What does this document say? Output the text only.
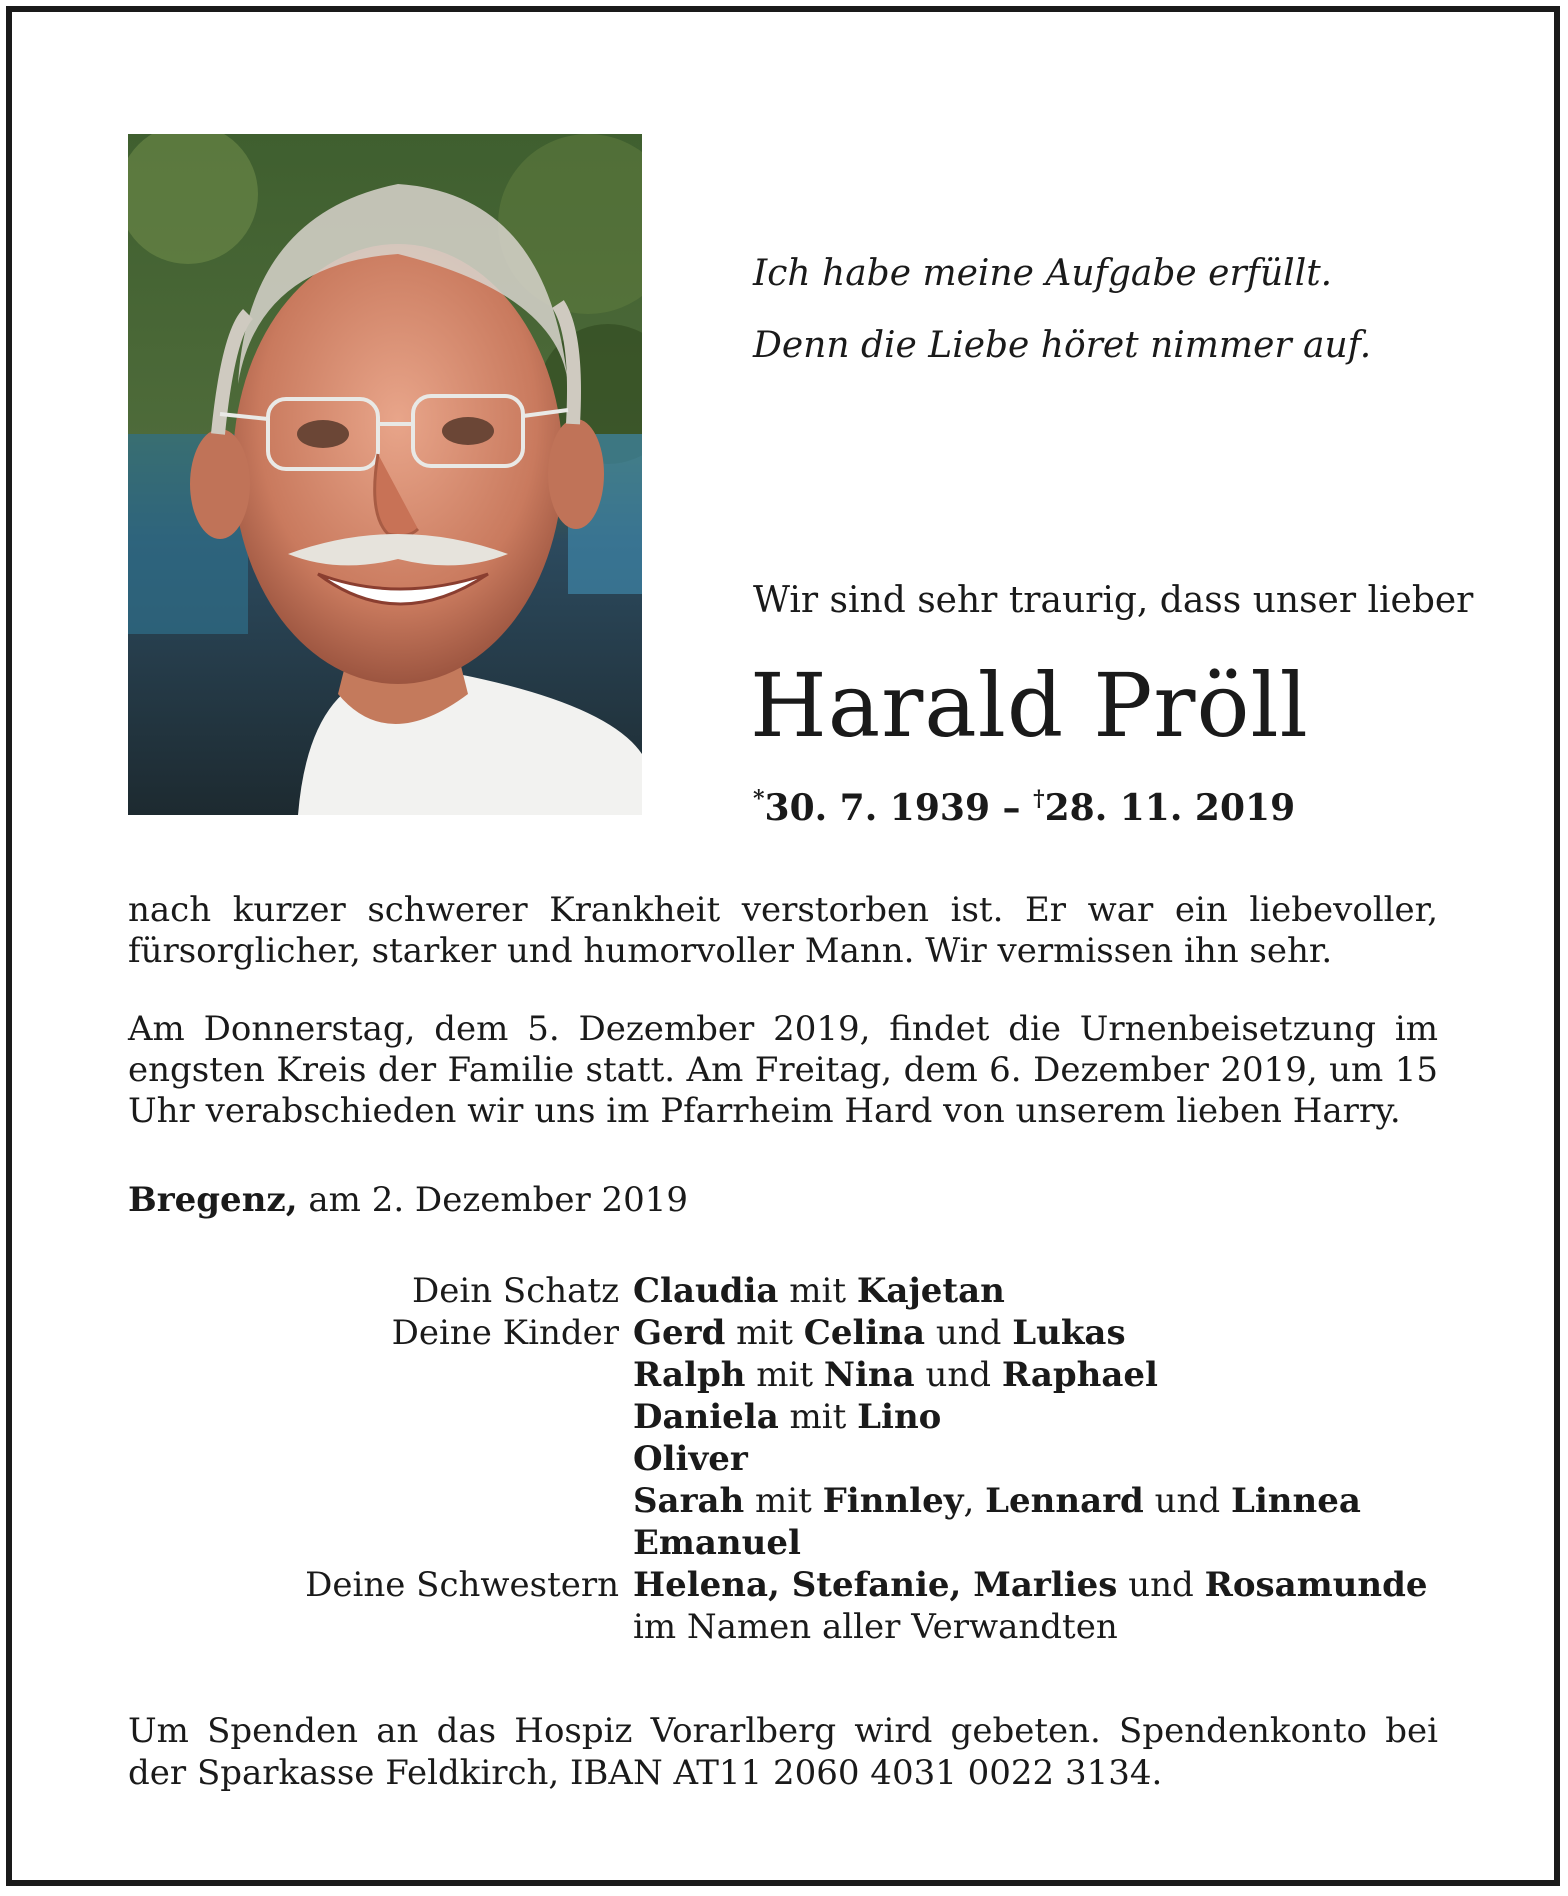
Ich habe meine Aufgabe erfüllt.
Denn die Liebe höret nimmer auf.
Wir sind sehr traurig, dass unser lieber
Harald Pröll
*30. 7. 1939 – †28. 11. 2019
nach kurzer schwerer Krankheit verstorben ist. Er war ein liebevoller, fürsorglicher, starker und humorvoller Mann. Wir vermissen ihn sehr.
Am Donnerstag, dem 5. Dezember 2019, findet die Urnenbeisetzung im engsten Kreis der Familie statt. Am Freitag, dem 6. Dezember 2019, um 15 Uhr verabschieden wir uns im Pfarrheim Hard von unserem lieben Harry.
Bregenz, am 2. Dezember 2019
Dein Schatz Claudia mit Kajetan
Deine Kinder Gerd mit Celina und Lukas
Ralph mit Nina und Raphael
Daniela mit Lino
Oliver
Sarah mit Finnley, Lennard und Linnea
Emanuel
Deine Schwestern Helena, Stefanie, Marlies und Rosamunde
im Namen aller Verwandten
Um Spenden an das Hospiz Vorarlberg wird gebeten. Spendenkonto bei der Sparkasse Feldkirch, IBAN AT11 2060 4031 0022 3134.
